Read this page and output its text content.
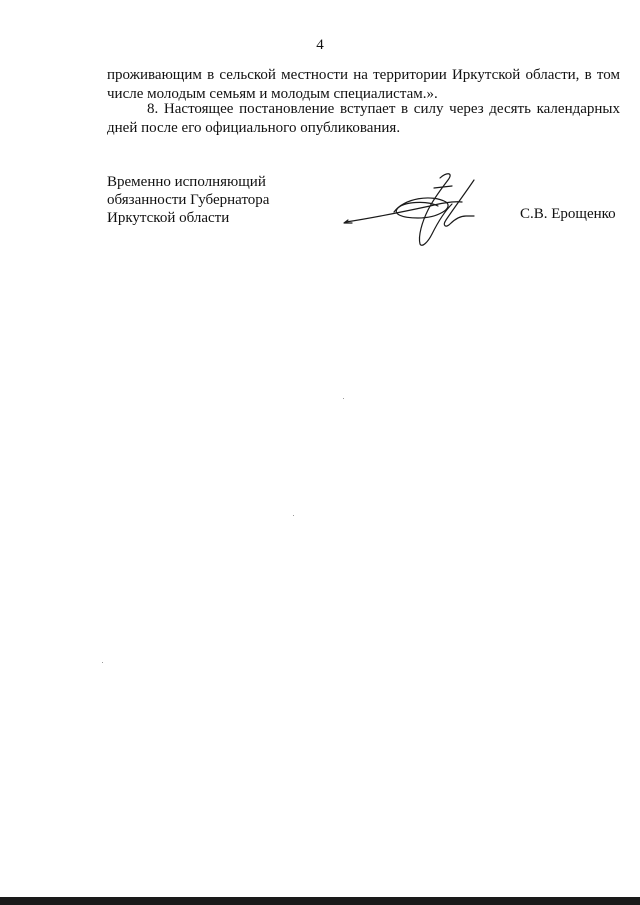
4

проживающим в сельской местности на территории Иркутской области, в том числе молодым семьям и молодым специалистам.».

8. Настоящее постановление вступает в силу через десять календарных дней после его официального опубликования.

Временно исполняющий
обязанности Губернатора
Иркутской области	С.В. Ерощенко
